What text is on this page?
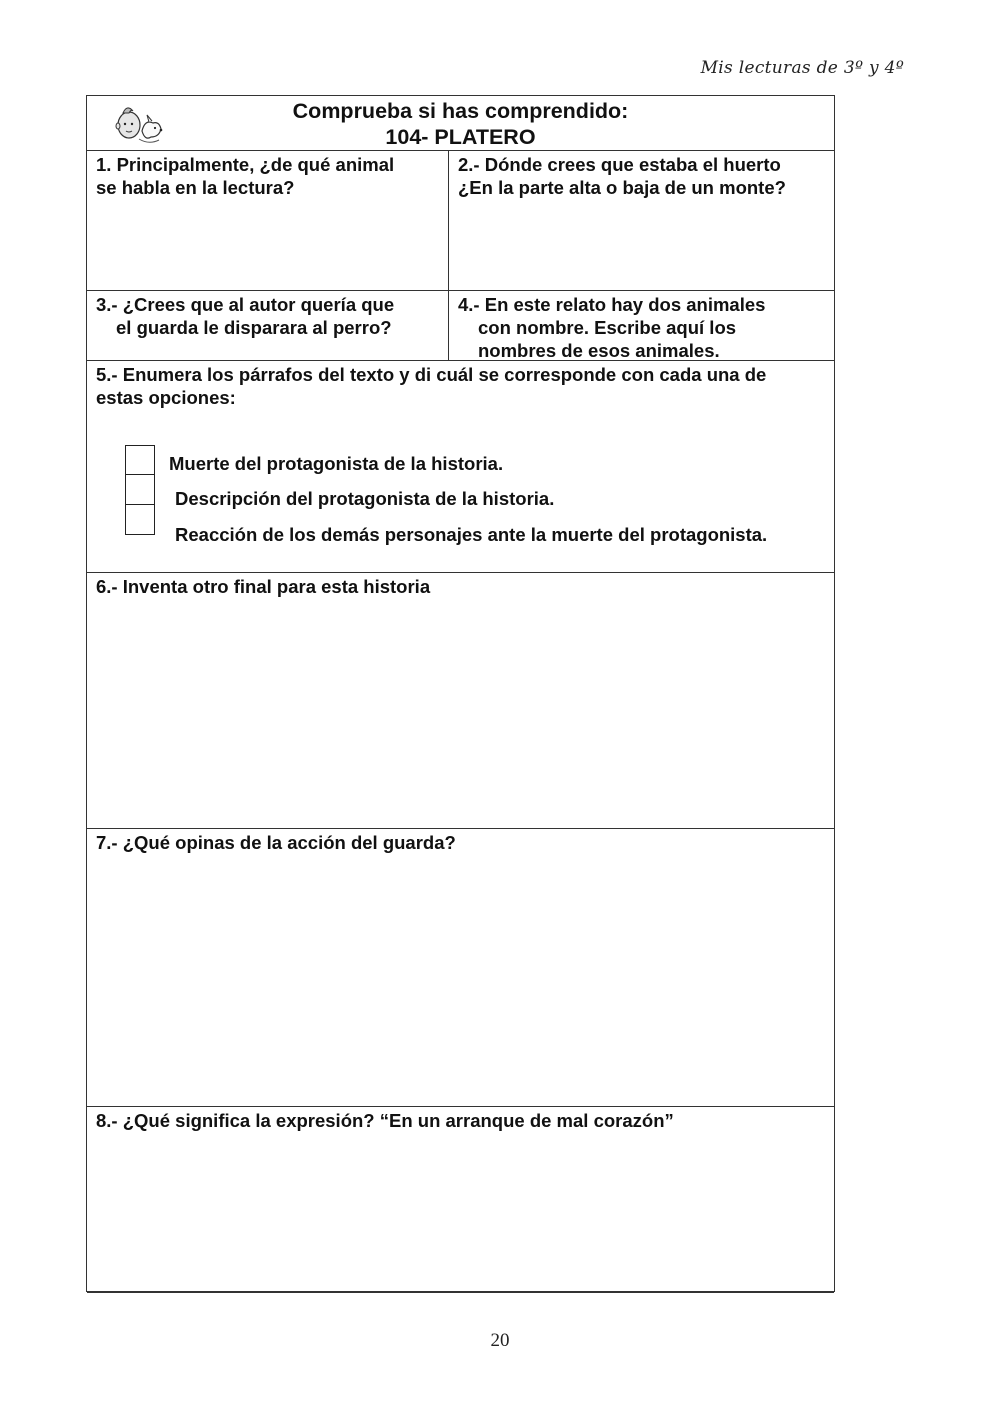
Mis lecturas de 3º y 4º
Comprueba si has comprendido:
104- PLATERO

1. Principalmente, ¿de qué animal
se habla en la lectura?

2.- Dónde crees que estaba el huerto
¿En la parte alta o baja de un monte?

3.- ¿Crees que al autor quería que
el guarda le disparara al perro?

4.- En este relato hay dos animales
con nombre. Escribe aquí los
nombres de esos animales.

5.- Enumera los párrafos del texto y di cuál se corresponde con cada una de
estas opciones:

6.- Inventa otro final para esta historia

7.- ¿Qué opinas de la acción del guarda?

8.- ¿Qué significa la expresión? “En un arranque de mal corazón”

Muerte del protagonista de la historia.
Descripción del protagonista de la historia.
Reacción de los demás personajes ante la muerte del protagonista.
20
